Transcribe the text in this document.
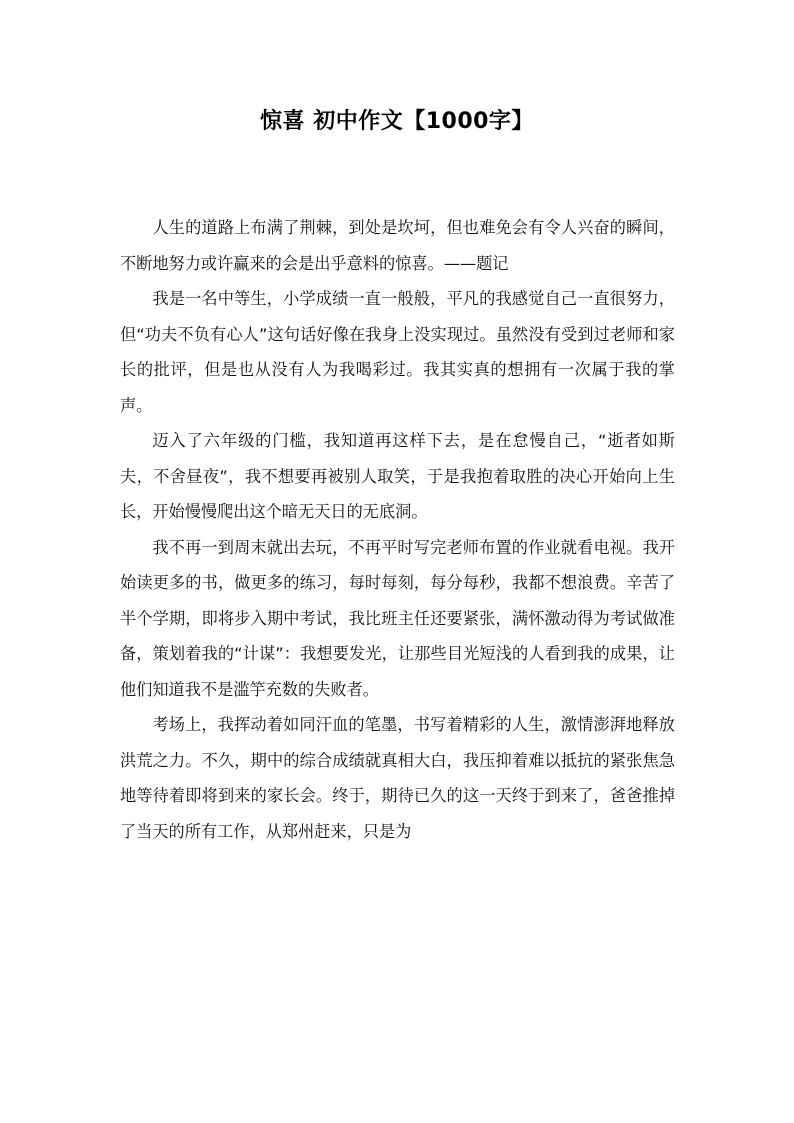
惊喜 初中作文【1000字】

人生的道路上布满了荆棘，到处是坎坷，但也难免会有令人兴奋的瞬间，不断地努力或许赢来的会是出乎意料的惊喜。——题记

我是一名中等生，小学成绩一直一般般，平凡的我感觉自己一直很努力，但“功夫不负有心人”这句话好像在我身上没实现过。虽然没有受到过老师和家长的批评，但是也从没有人为我喝彩过。我其实真的想拥有一次属于我的掌声。

迈入了六年级的门槛，我知道再这样下去，是在怠慢自己，“逝者如斯夫，不舍昼夜”，我不想要再被别人取笑，于是我抱着取胜的决心开始向上生长，开始慢慢爬出这个暗无天日的无底洞。

我不再一到周末就出去玩，不再平时写完老师布置的作业就看电视。我开始读更多的书，做更多的练习，每时每刻，每分每秒，我都不想浪费。辛苦了半个学期，即将步入期中考试，我比班主任还要紧张，满怀激动得为考试做准备，策划着我的“计谋”：我想要发光，让那些目光短浅的人看到我的成果，让他们知道我不是滥竽充数的失败者。

考场上，我挥动着如同汗血的笔墨，书写着精彩的人生，激情澎湃地释放洪荒之力。不久，期中的综合成绩就真相大白，我压抑着难以抵抗的紧张焦急地等待着即将到来的家长会。终于，期待已久的这一天终于到来了，爸爸推掉了当天的所有工作，从郑州赶来，只是为
